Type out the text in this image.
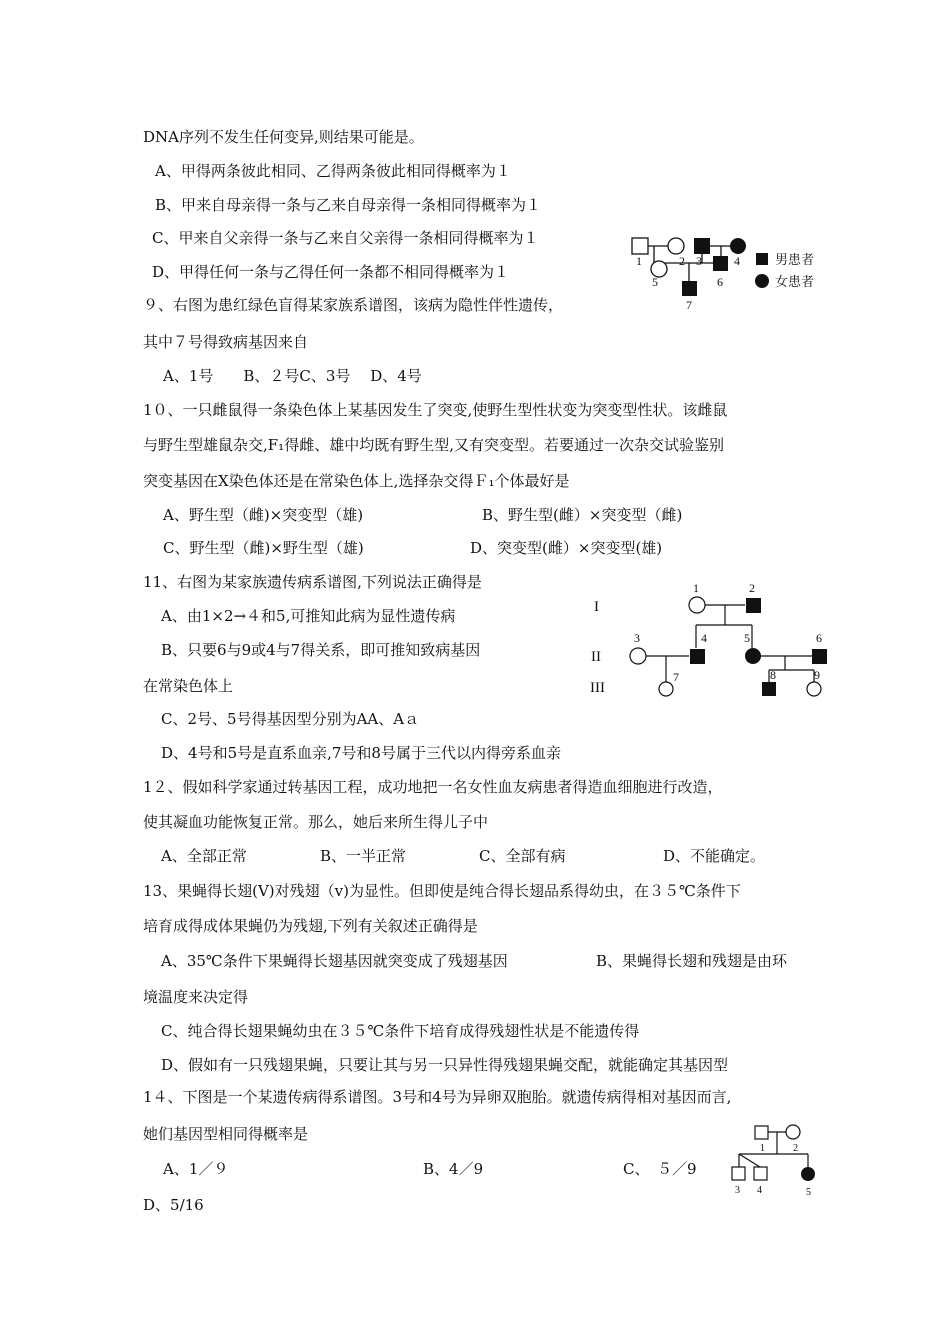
DNA序列不发生任何变异,则结果可能是。
A、甲得两条彼此相同、乙得两条彼此相同得概率为１
B、甲来自母亲得一条与乙来自母亲得一条相同得概率为１
C、甲来自父亲得一条与乙来自父亲得一条相同得概率为１
D、甲得任何一条与乙得任何一条都不相同得概率为１
９、右图为患红绿色盲得某家族系谱图，该病为隐性伴性遗传，
其中７号得致病基因来自
A、1号　　B、２号C、3号　 D、4号
1	2 3	4
5	6
7
男患者
女患者
1０、一只雌鼠得一条染色体上某基因发生了突变,使野生型性状变为突变型性状。该雌鼠
与野生型雄鼠杂交,F₁得雌、雄中均既有野生型,又有突变型。若要通过一次杂交试验鉴别
突变基因在X染色体还是在常染色体上,选择杂交得Ｆ₁个体最好是
A、野生型（雌)×突变型（雄)	B、野生型(雌）×突变型（雌)
C、野生型（雌)×野生型（雄)	D、突变型(雌）×突变型(雄)
11、右图为某家族遗传病系谱图,下列说法正确得是
A、由1×2→４和5,可推知此病为显性遗传病
B、只要6与9或4与7得关系，即可推知致病基因
在常染色体上
C、2号、5号得基因型分别为AA、Aａ
D、4号和5号是直系血亲,7号和8号属于三代以内得旁系血亲
I
II
III
1	2
3	4	5	6
7	8	9
1２、假如科学家通过转基因工程，成功地把一名女性血友病患者得造血细胞进行改造，
使其凝血功能恢复正常。那么，她后来所生得儿子中
A、全部正常	B、一半正常	C、全部有病	D、不能确定。
13、果蝇得长翅(V)对残翅（v)为显性。但即使是纯合得长翅品系得幼虫，在３５℃条件下
培育成得成体果蝇仍为残翅,下列有关叙述正确得是
A、35℃条件下果蝇得长翅基因就突变成了残翅基因	B、果蝇得长翅和残翅是由环
境温度来决定得
C、纯合得长翅果蝇幼虫在３５℃条件下培育成得残翅性状是不能遗传得
D、假如有一只残翅果蝇，只要让其与另一只异性得残翅果蝇交配，就能确定其基因型
1４、下图是一个某遗传病得系谱图。3号和4号为异卵双胞胎。就遗传病得相对基因而言,
她们基因型相同得概率是
A、1／９	B、4／9	C、　５／9
D、5/16
1	2
3 4	5
